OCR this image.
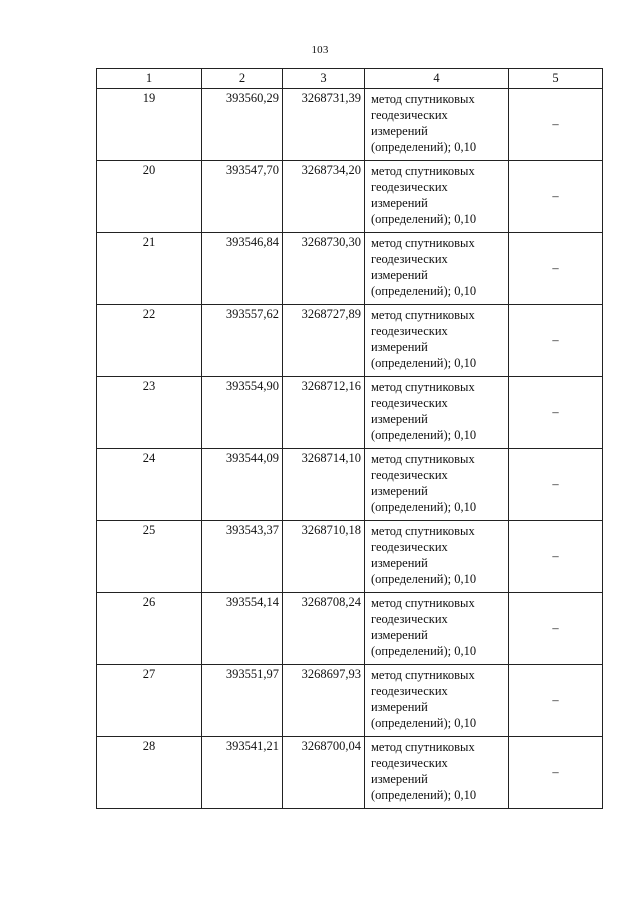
103
1	2	3	4	5
19	393560,29	3268731,39	метод спутниковых
геодезических
измерений
(определений); 0,10	–
20	393547,70	3268734,20	метод спутниковых
геодезических
измерений
(определений); 0,10	–
21	393546,84	3268730,30	метод спутниковых
геодезических
измерений
(определений); 0,10	–
22	393557,62	3268727,89	метод спутниковых
геодезических
измерений
(определений); 0,10	–
23	393554,90	3268712,16	метод спутниковых
геодезических
измерений
(определений); 0,10	–
24	393544,09	3268714,10	метод спутниковых
геодезических
измерений
(определений); 0,10	–
25	393543,37	3268710,18	метод спутниковых
геодезических
измерений
(определений); 0,10	–
26	393554,14	3268708,24	метод спутниковых
геодезических
измерений
(определений); 0,10	–
27	393551,97	3268697,93	метод спутниковых
геодезических
измерений
(определений); 0,10	–
28	393541,21	3268700,04	метод спутниковых
геодезических
измерений
(определений); 0,10	–
